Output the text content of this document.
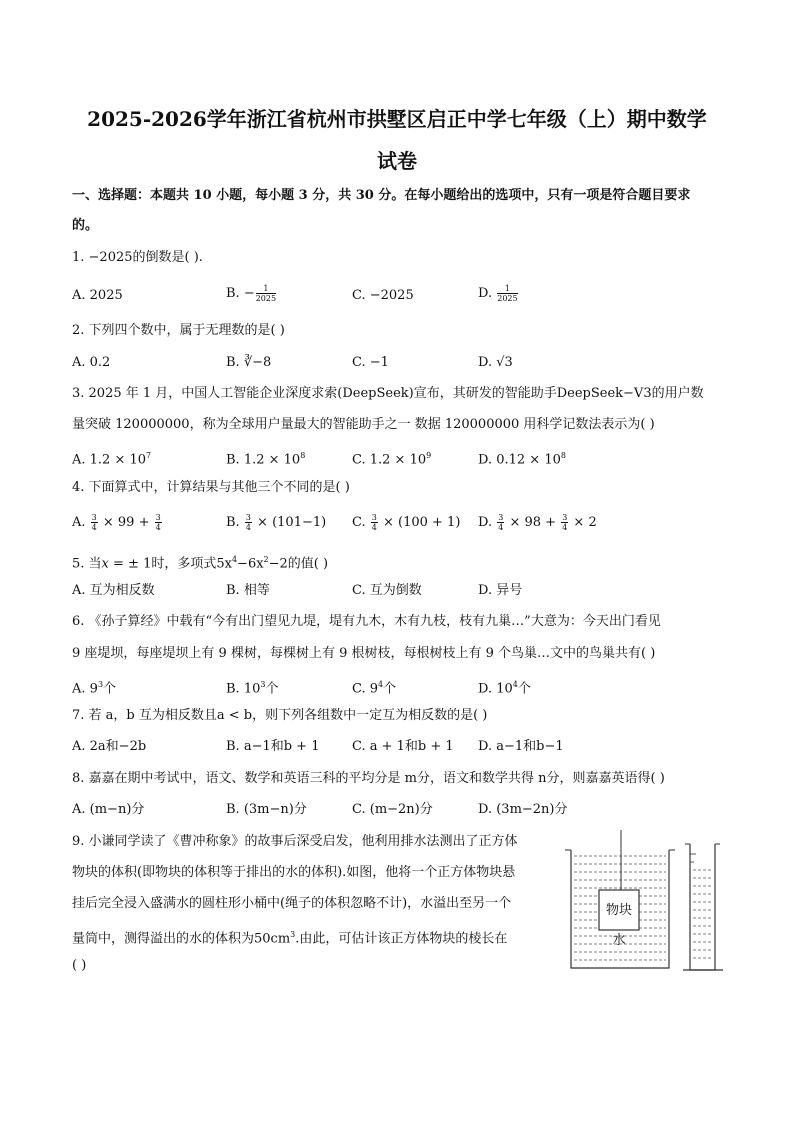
2025-2026学年浙江省杭州市拱墅区启正中学七年级（上）期中数学
试卷
一、选择题：本题共 10 小题，每小题 3 分，共 30 分。在每小题给出的选项中，只有一项是符合题目要求
的。
1. −2025的倒数是( ).
A. 2025	B. − $\frac{1}{2025}$	C. −2025	D. $\frac{1}{2025}$
2. 下列四个数中，属于无理数的是( )
A. 0.2	B. ∛−8	C. −1	D. √3
3. 2025 年 1 月，中国人工智能企业深度求索(DeepSeek)宣布，其研发的智能助手DeepSeek−V3的用户数
量突破 120000000，称为全球用户量最大的智能助手之一 数据 120000000 用科学记数法表示为( )
A. $1.2 \times 10^7$	B. $1.2 \times 10^8$	C. $1.2 \times 10^9$	D. $0.12 \times 10^8$
4. 下面算式中，计算结果与其他三个不同的是( )
A. $\frac{3}{4} \times 99 + \frac{3}{4}$	B. $\frac{3}{4} \times (101-1)$ C. $\frac{3}{4} \times (100 + 1)$ D. $\frac{3}{4} \times 98 + \frac{3}{4} \times 2$
5. 当x = ± 1时，多项式$5x^4-6x^2-2$的值( )
A. 互为相反数	B. 相等	C. 互为倒数	D. 异号
6. 《孙子算经》中载有“今有出门望见九堤，堤有九木，木有九枝，枝有九巢…”大意为：今天出门看见
9 座堤坝，每座堤坝上有 9 棵树，每棵树上有 9 根树枝，每根树枝上有 9 个鸟巢…文中的鸟巢共有( )
A. $9^3$个	B. $10^3$个	C. $9^4$个	D. $10^4$个
7. 若 a，b 互为相反数且a < b，则下列各组数中一定互为相反数的是( )
A. 2a和−2b	B. a−1和b + 1	C. a + 1和b + 1 D. a−1和b−1
8. 嘉嘉在期中考试中，语文、数学和英语三科的平均分是 m分，语文和数学共得 n分，则嘉嘉英语得( )
A. (m−n)分	B. (3m−n)分	C. (m−2n)分	D. (3m−2n)分
9. 小谦同学读了《曹冲称象》的故事后深受启发，他利用排水法测出了正方体
物块的体积(即物块的体积等于排出的水的体积).如图，他将一个正方体物块悬
挂后完全浸入盛满水的圆柱形小桶中(绳子的体积忽略不计)，水溢出至另一个
量筒中，测得溢出的水的体积为$50cm^3$.由此，可估计该正方体物块的棱长在
( )
物块
水
